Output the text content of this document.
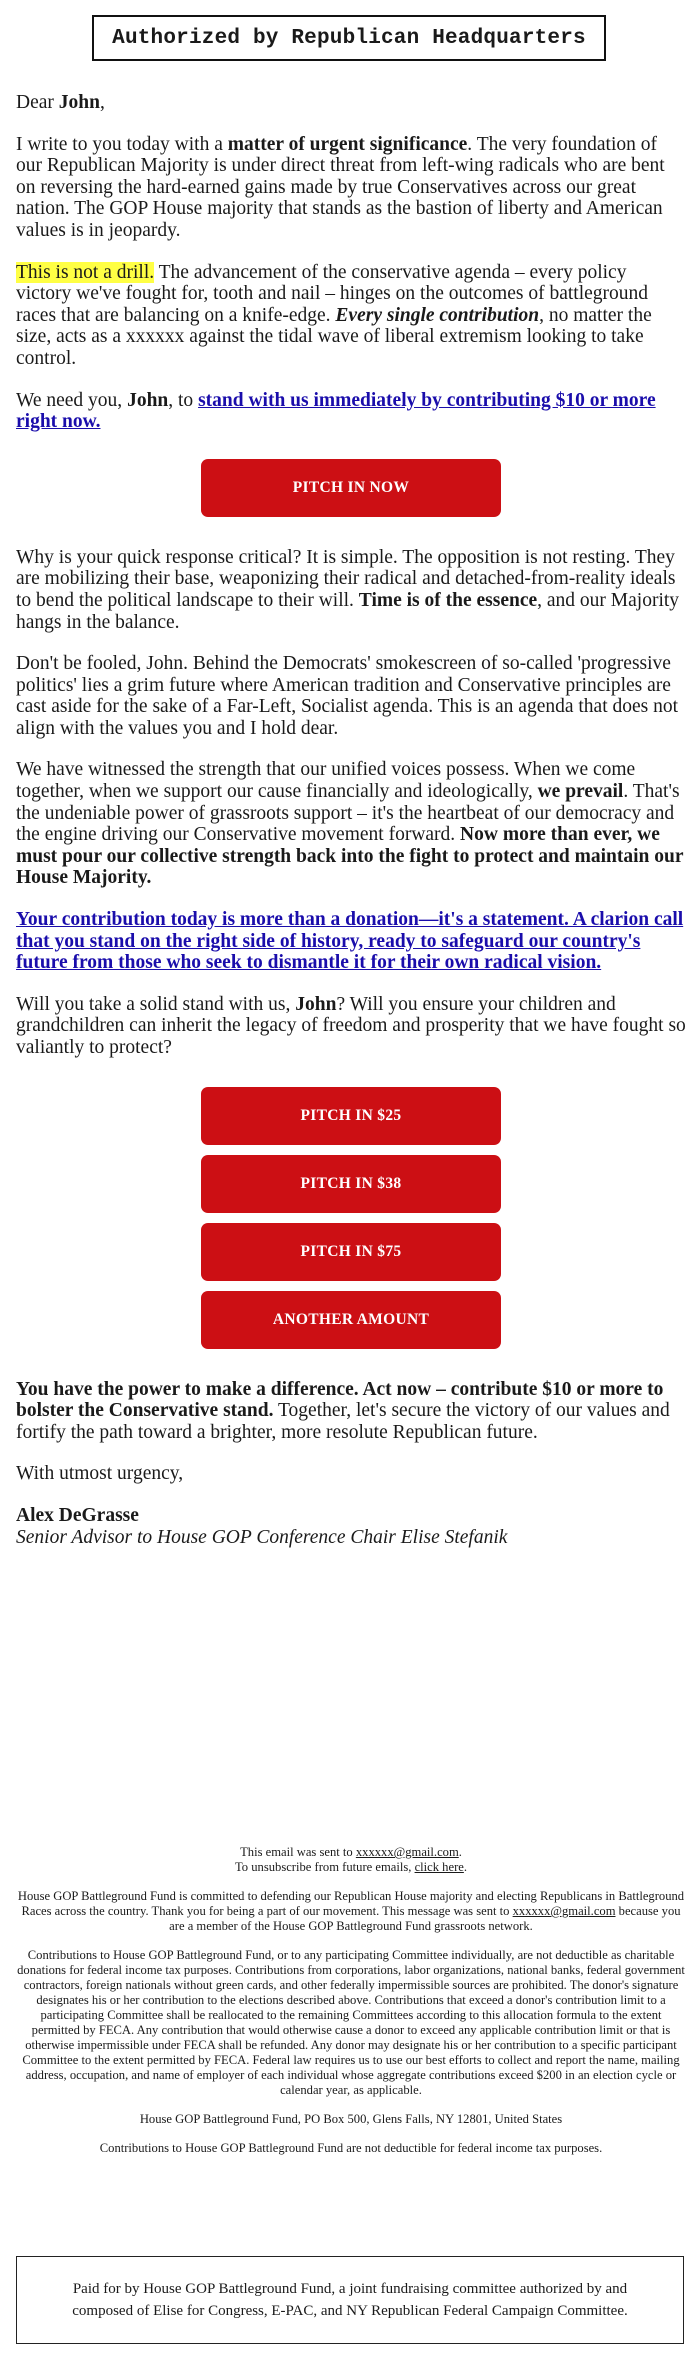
Authorized by Republican Headquarters

Dear John,

I write to you today with a matter of urgent significance. The very foundation of our Republican Majority is under direct threat from left-wing radicals who are bent on reversing the hard-earned gains made by true Conservatives across our great nation. The GOP House majority that stands as the bastion of liberty and American values is in jeopardy.

This is not a drill. The advancement of the conservative agenda – every policy victory we've fought for, tooth and nail – hinges on the outcomes of battleground races that are balancing on a knife-edge. Every single contribution, no matter the size, acts as a xxxxxx against the tidal wave of liberal extremism looking to take control.

We need you, John, to stand with us immediately by contributing $10 or more right now.

PITCH IN NOW

Why is your quick response critical? It is simple. The opposition is not resting. They are mobilizing their base, weaponizing their radical and detached-from-reality ideals to bend the political landscape to their will. Time is of the essence, and our Majority hangs in the balance.

Don't be fooled, John. Behind the Democrats' smokescreen of so-called 'progressive politics' lies a grim future where American tradition and Conservative principles are cast aside for the sake of a Far-Left, Socialist agenda. This is an agenda that does not align with the values you and I hold dear.

We have witnessed the strength that our unified voices possess. When we come together, when we support our cause financially and ideologically, we prevail. That's the undeniable power of grassroots support – it's the heartbeat of our democracy and the engine driving our Conservative movement forward. Now more than ever, we must pour our collective strength back into the fight to protect and maintain our House Majority.

Your contribution today is more than a donation—it's a statement. A clarion call that you stand on the right side of history, ready to safeguard our country's future from those who seek to dismantle it for their own radical vision.

Will you take a solid stand with us, John? Will you ensure your children and grandchildren can inherit the legacy of freedom and prosperity that we have fought so valiantly to protect?

PITCH IN $25
PITCH IN $38
PITCH IN $75
ANOTHER AMOUNT

You have the power to make a difference. Act now – contribute $10 or more to bolster the Conservative stand. Together, let's secure the victory of our values and fortify the path toward a brighter, more resolute Republican future.

With utmost urgency,

Alex DeGrasse
Senior Advisor to House GOP Conference Chair Elise Stefanik

This email was sent to xxxxxx@gmail.com.
To unsubscribe from future emails, click here.

House GOP Battleground Fund is committed to defending our Republican House majority and electing Republicans in Battleground Races across the country. Thank you for being a part of our movement. This message was sent to xxxxxx@gmail.com because you are a member of the House GOP Battleground Fund grassroots network.

Contributions to House GOP Battleground Fund, or to any participating Committee individually, are not deductible as charitable donations for federal income tax purposes. Contributions from corporations, labor organizations, national banks, federal government contractors, foreign nationals without green cards, and other federally impermissible sources are prohibited. The donor's signature designates his or her contribution to the elections described above. Contributions that exceed a donor's contribution limit to a participating Committee shall be reallocated to the remaining Committees according to this allocation formula to the extent permitted by FECA. Any contribution that would otherwise cause a donor to exceed any applicable contribution limit or that is otherwise impermissible under FECA shall be refunded. Any donor may designate his or her contribution to a specific participant Committee to the extent permitted by FECA. Federal law requires us to use our best efforts to collect and report the name, mailing address, occupation, and name of employer of each individual whose aggregate contributions exceed $200 in an election cycle or calendar year, as applicable.

House GOP Battleground Fund, PO Box 500, Glens Falls, NY 12801, United States

Contributions to House GOP Battleground Fund are not deductible for federal income tax purposes.

Paid for by House GOP Battleground Fund, a joint fundraising committee authorized by and composed of Elise for Congress, E-PAC, and NY Republican Federal Campaign Committee.
